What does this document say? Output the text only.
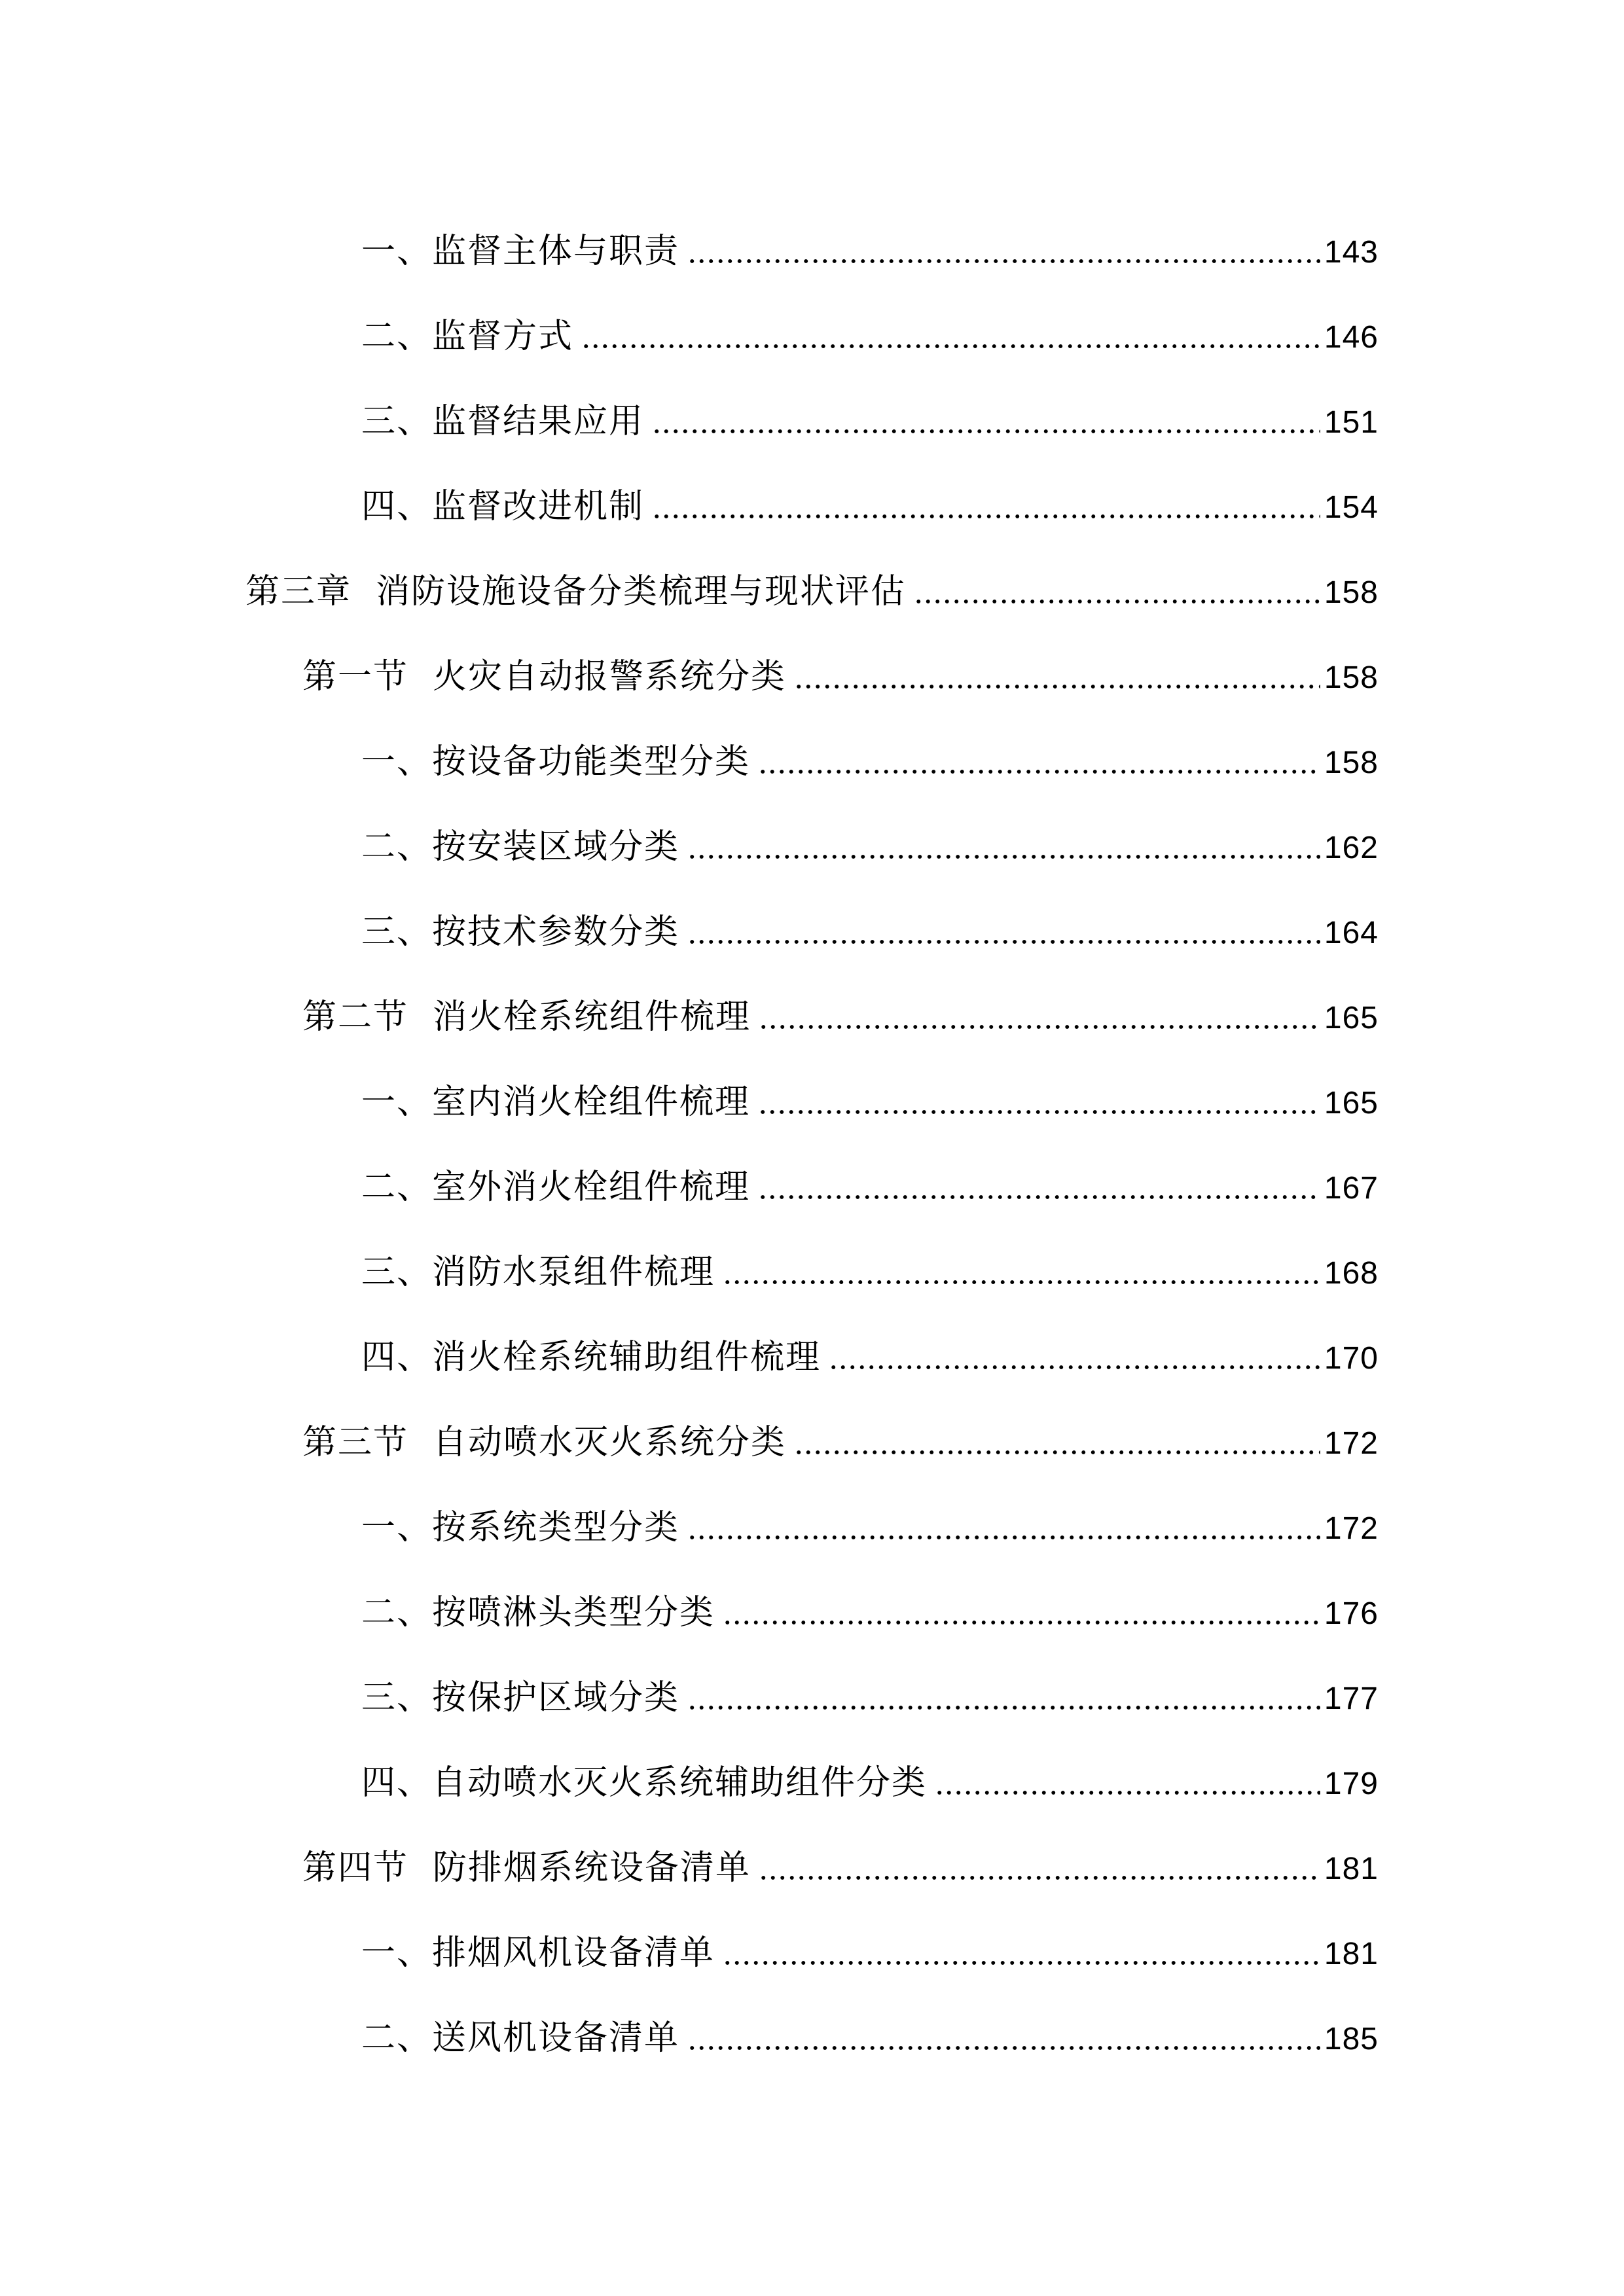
一、监督主体与职责	143
二、监督方式	146
三、监督结果应用	151
四、监督改进机制	154
第三章  消防设施设备分类梳理与现状评估	158
第一节  火灾自动报警系统分类	158
一、按设备功能类型分类	158
二、按安装区域分类	162
三、按技术参数分类	164
第二节  消火栓系统组件梳理	165
一、室内消火栓组件梳理	165
二、室外消火栓组件梳理	167
三、消防水泵组件梳理	168
四、消火栓系统辅助组件梳理	170
第三节  自动喷水灭火系统分类	172
一、按系统类型分类	172
二、按喷淋头类型分类	176
三、按保护区域分类	177
四、自动喷水灭火系统辅助组件分类	179
第四节  防排烟系统设备清单	181
一、排烟风机设备清单	181
二、送风机设备清单	185
